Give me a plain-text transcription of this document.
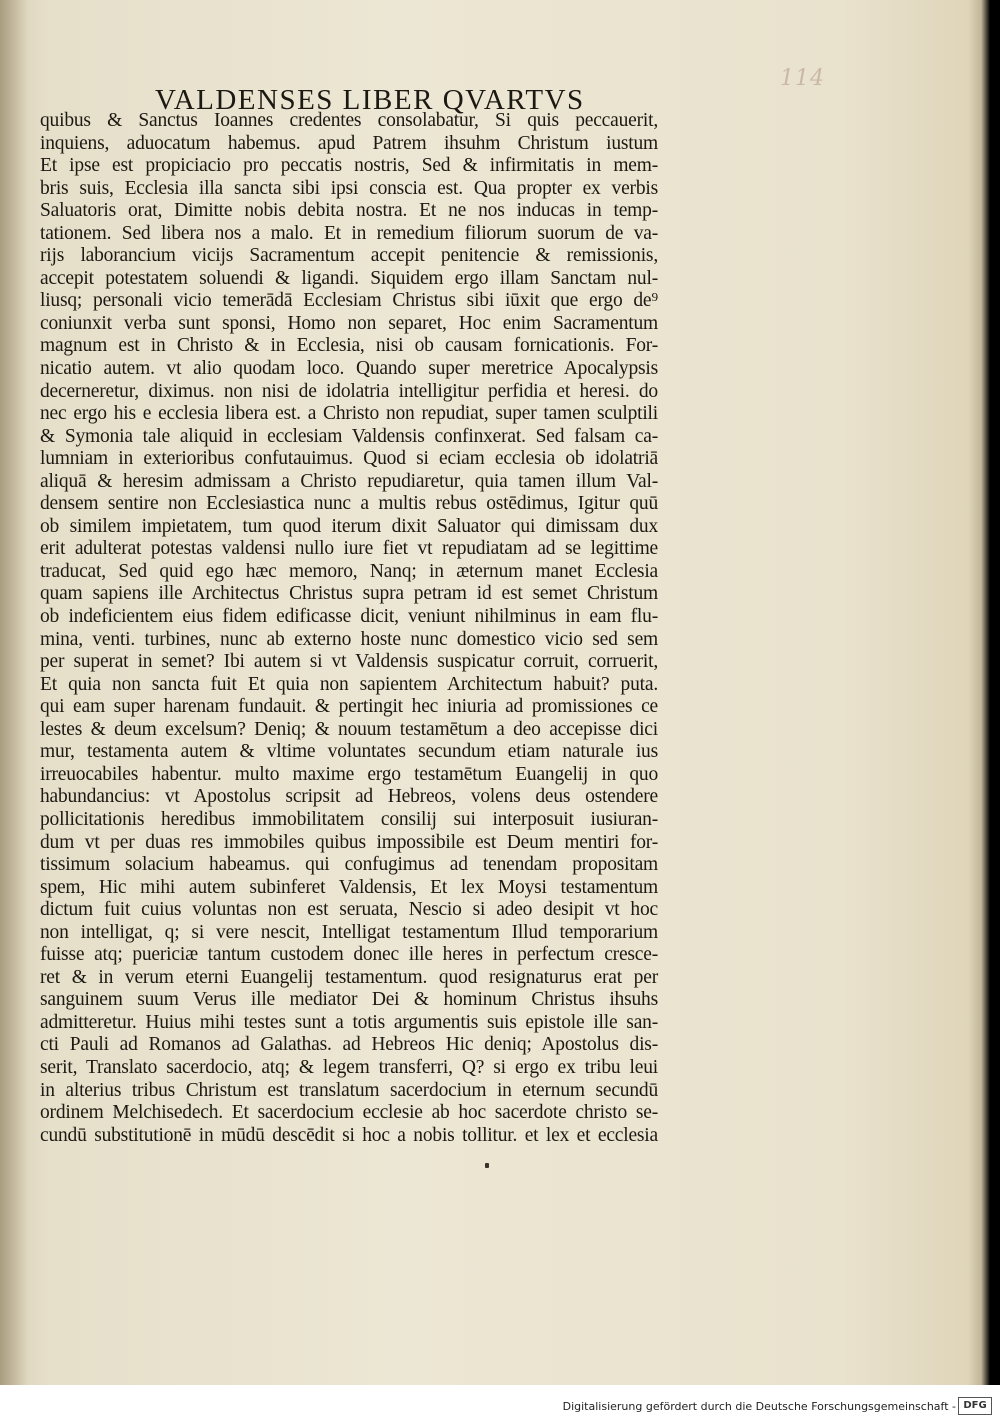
114
VALDENSES LIBER QVARTVS
quibus & Sanctus Ioannes credentes consolabatur, Si quis peccauerit,
inquiens, aduocatum habemus. apud Patrem ihsuhm Christum iustum
Et ipse est propiciacio pro peccatis nostris, Sed & infirmitatis in mem-
bris suis, Ecclesia illa sancta sibi ipsi conscia est. Qua propter ex verbis
Saluatoris orat, Dimitte nobis debita nostra. Et ne nos inducas in temp-
tationem. Sed libera nos a malo. Et in remedium filiorum suorum de va-
rijs laborancium vicijs Sacramentum accepit penitencie & remissionis,
accepit potestatem soluendi & ligandi. Siquidem ergo illam Sanctam nul-
liusq; personali vicio temerādā Ecclesiam Christus sibi iūxit que ergo de⁹
coniunxit verba sunt sponsi, Homo non separet, Hoc enim Sacramentum
magnum est in Christo & in Ecclesia, nisi ob causam fornicationis. For-
nicatio autem. vt alio quodam loco. Quando super meretrice Apocalypsis
decerneretur, diximus. non nisi de idolatria intelligitur perfidia et heresi. do
nec ergo his e ecclesia libera est. a Christo non repudiat, super tamen sculptili
& Symonia tale aliquid in ecclesiam Valdensis confinxerat. Sed falsam ca-
lumniam in exterioribus confutauimus. Quod si eciam ecclesia ob idolatriā
aliquā & heresim admissam a Christo repudiaretur, quia tamen illum Val-
densem sentire non Ecclesiastica nunc a multis rebus ostēdimus, Igitur quū
ob similem impietatem, tum quod iterum dixit Saluator qui dimissam dux
erit adulterat potestas valdensi nullo iure fiet vt repudiatam ad se legittime
traducat, Sed quid ego hæc memoro, Nanq; in æternum manet Ecclesia
quam sapiens ille Architectus Christus supra petram id est semet Christum
ob indeficientem eius fidem edificasse dicit, veniunt nihilminus in eam flu-
mina, venti. turbines, nunc ab externo hoste nunc domestico vicio sed sem
per superat in semet? Ibi autem si vt Valdensis suspicatur corruit, corruerit,
Et quia non sancta fuit Et quia non sapientem Architectum habuit? puta.
qui eam super harenam fundauit. & pertingit hec iniuria ad promissiones ce
lestes & deum excelsum? Deniq; & nouum testamētum a deo accepisse dici
mur, testamenta autem & vltime voluntates secundum etiam naturale ius
irreuocabiles habentur. multo maxime ergo testamētum Euangelij in quo
habundancius: vt Apostolus scripsit ad Hebreos, volens deus ostendere
pollicitationis heredibus immobilitatem consilij sui interposuit iusiuran-
dum vt per duas res immobiles quibus impossibile est Deum mentiri for-
tissimum solacium habeamus. qui confugimus ad tenendam propositam
spem, Hic mihi autem subinferet Valdensis, Et lex Moysi testamentum
dictum fuit cuius voluntas non est seruata, Nescio si adeo desipit vt hoc
non intelligat, q; si vere nescit, Intelligat testamentum Illud temporarium
fuisse atq; puericiæ tantum custodem donec ille heres in perfectum cresce-
ret & in verum eterni Euangelij testamentum. quod resignaturus erat per
sanguinem suum Verus ille mediator Dei & hominum Christus ihsuhs
admitteretur. Huius mihi testes sunt a totis argumentis suis epistole ille san-
cti Pauli ad Romanos ad Galathas. ad Hebreos Hic deniq; Apostolus dis-
serit, Translato sacerdocio, atq; & legem transferri, Q? si ergo ex tribu leui
in alterius tribus Christum est translatum sacerdocium in eternum secundū
ordinem Melchisedech. Et sacerdocium ecclesie ab hoc sacerdote christo se-
cundū substitutionē in mūdū descēdit si hoc a nobis tollitur. et lex et ecclesia
Digitalisierung gefördert durch die Deutsche Forschungsgemeinschaft - DFG
